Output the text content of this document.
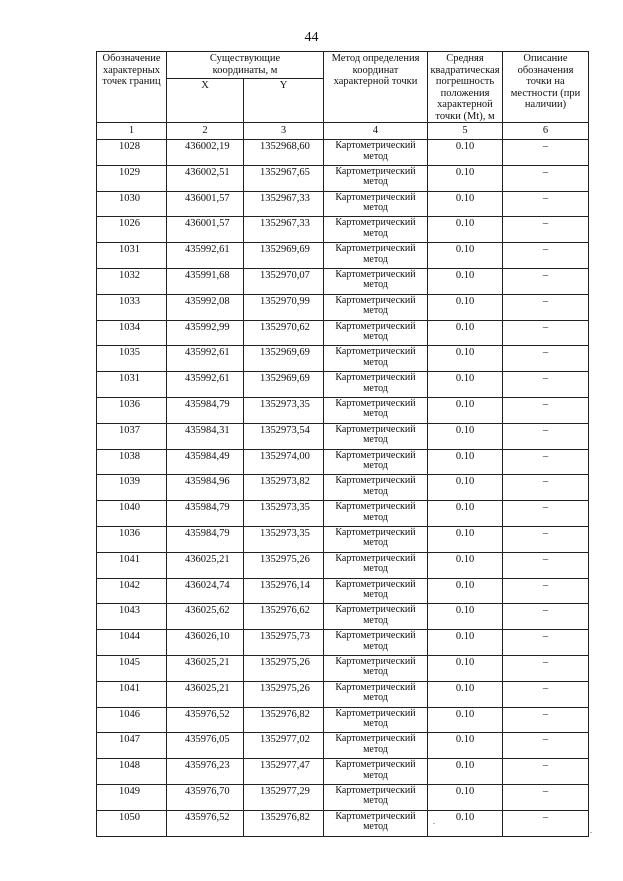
44
Обозначение характерных точек границ	Существующие координаты, м		Метод определения координат характерной точки	Средняя квадратическая погрешность положения характерной точки (Mt), м	Описание обозначения точки на местности (при наличии)
	X	Y			
1	2	3	4	5	6
1028	436002,19	1352968,60	Картометрический метод	0.10	–
1029	436002,51	1352967,65	Картометрический метод	0.10	–
1030	436001,57	1352967,33	Картометрический метод	0.10	–
1026	436001,57	1352967,33	Картометрический метод	0.10	–
1031	435992,61	1352969,69	Картометрический метод	0.10	–
1032	435991,68	1352970,07	Картометрический метод	0.10	–
1033	435992,08	1352970,99	Картометрический метод	0.10	–
1034	435992,99	1352970,62	Картометрический метод	0.10	–
1035	435992,61	1352969,69	Картометрический метод	0.10	–
1031	435992,61	1352969,69	Картометрический метод	0.10	–
1036	435984,79	1352973,35	Картометрический метод	0.10	–
1037	435984,31	1352973,54	Картометрический метод	0.10	–
1038	435984,49	1352974,00	Картометрический метод	0.10	–
1039	435984,96	1352973,82	Картометрический метод	0.10	–
1040	435984,79	1352973,35	Картометрический метод	0.10	–
1036	435984,79	1352973,35	Картометрический метод	0.10	–
1041	436025,21	1352975,26	Картометрический метод	0.10	–
1042	436024,74	1352976,14	Картометрический метод	0.10	–
1043	436025,62	1352976,62	Картометрический метод	0.10	–
1044	436026,10	1352975,73	Картометрический метод	0.10	–
1045	436025,21	1352975,26	Картометрический метод	0.10	–
1041	436025,21	1352975,26	Картометрический метод	0.10	–
1046	435976,52	1352976,82	Картометрический метод	0.10	–
1047	435976,05	1352977,02	Картометрический метод	0.10	–
1048	435976,23	1352977,47	Картометрический метод	0.10	–
1049	435976,70	1352977,29	Картометрический метод	0.10	–
1050	435976,52	1352976,82	Картометрический метод	0.10	–
.
.
